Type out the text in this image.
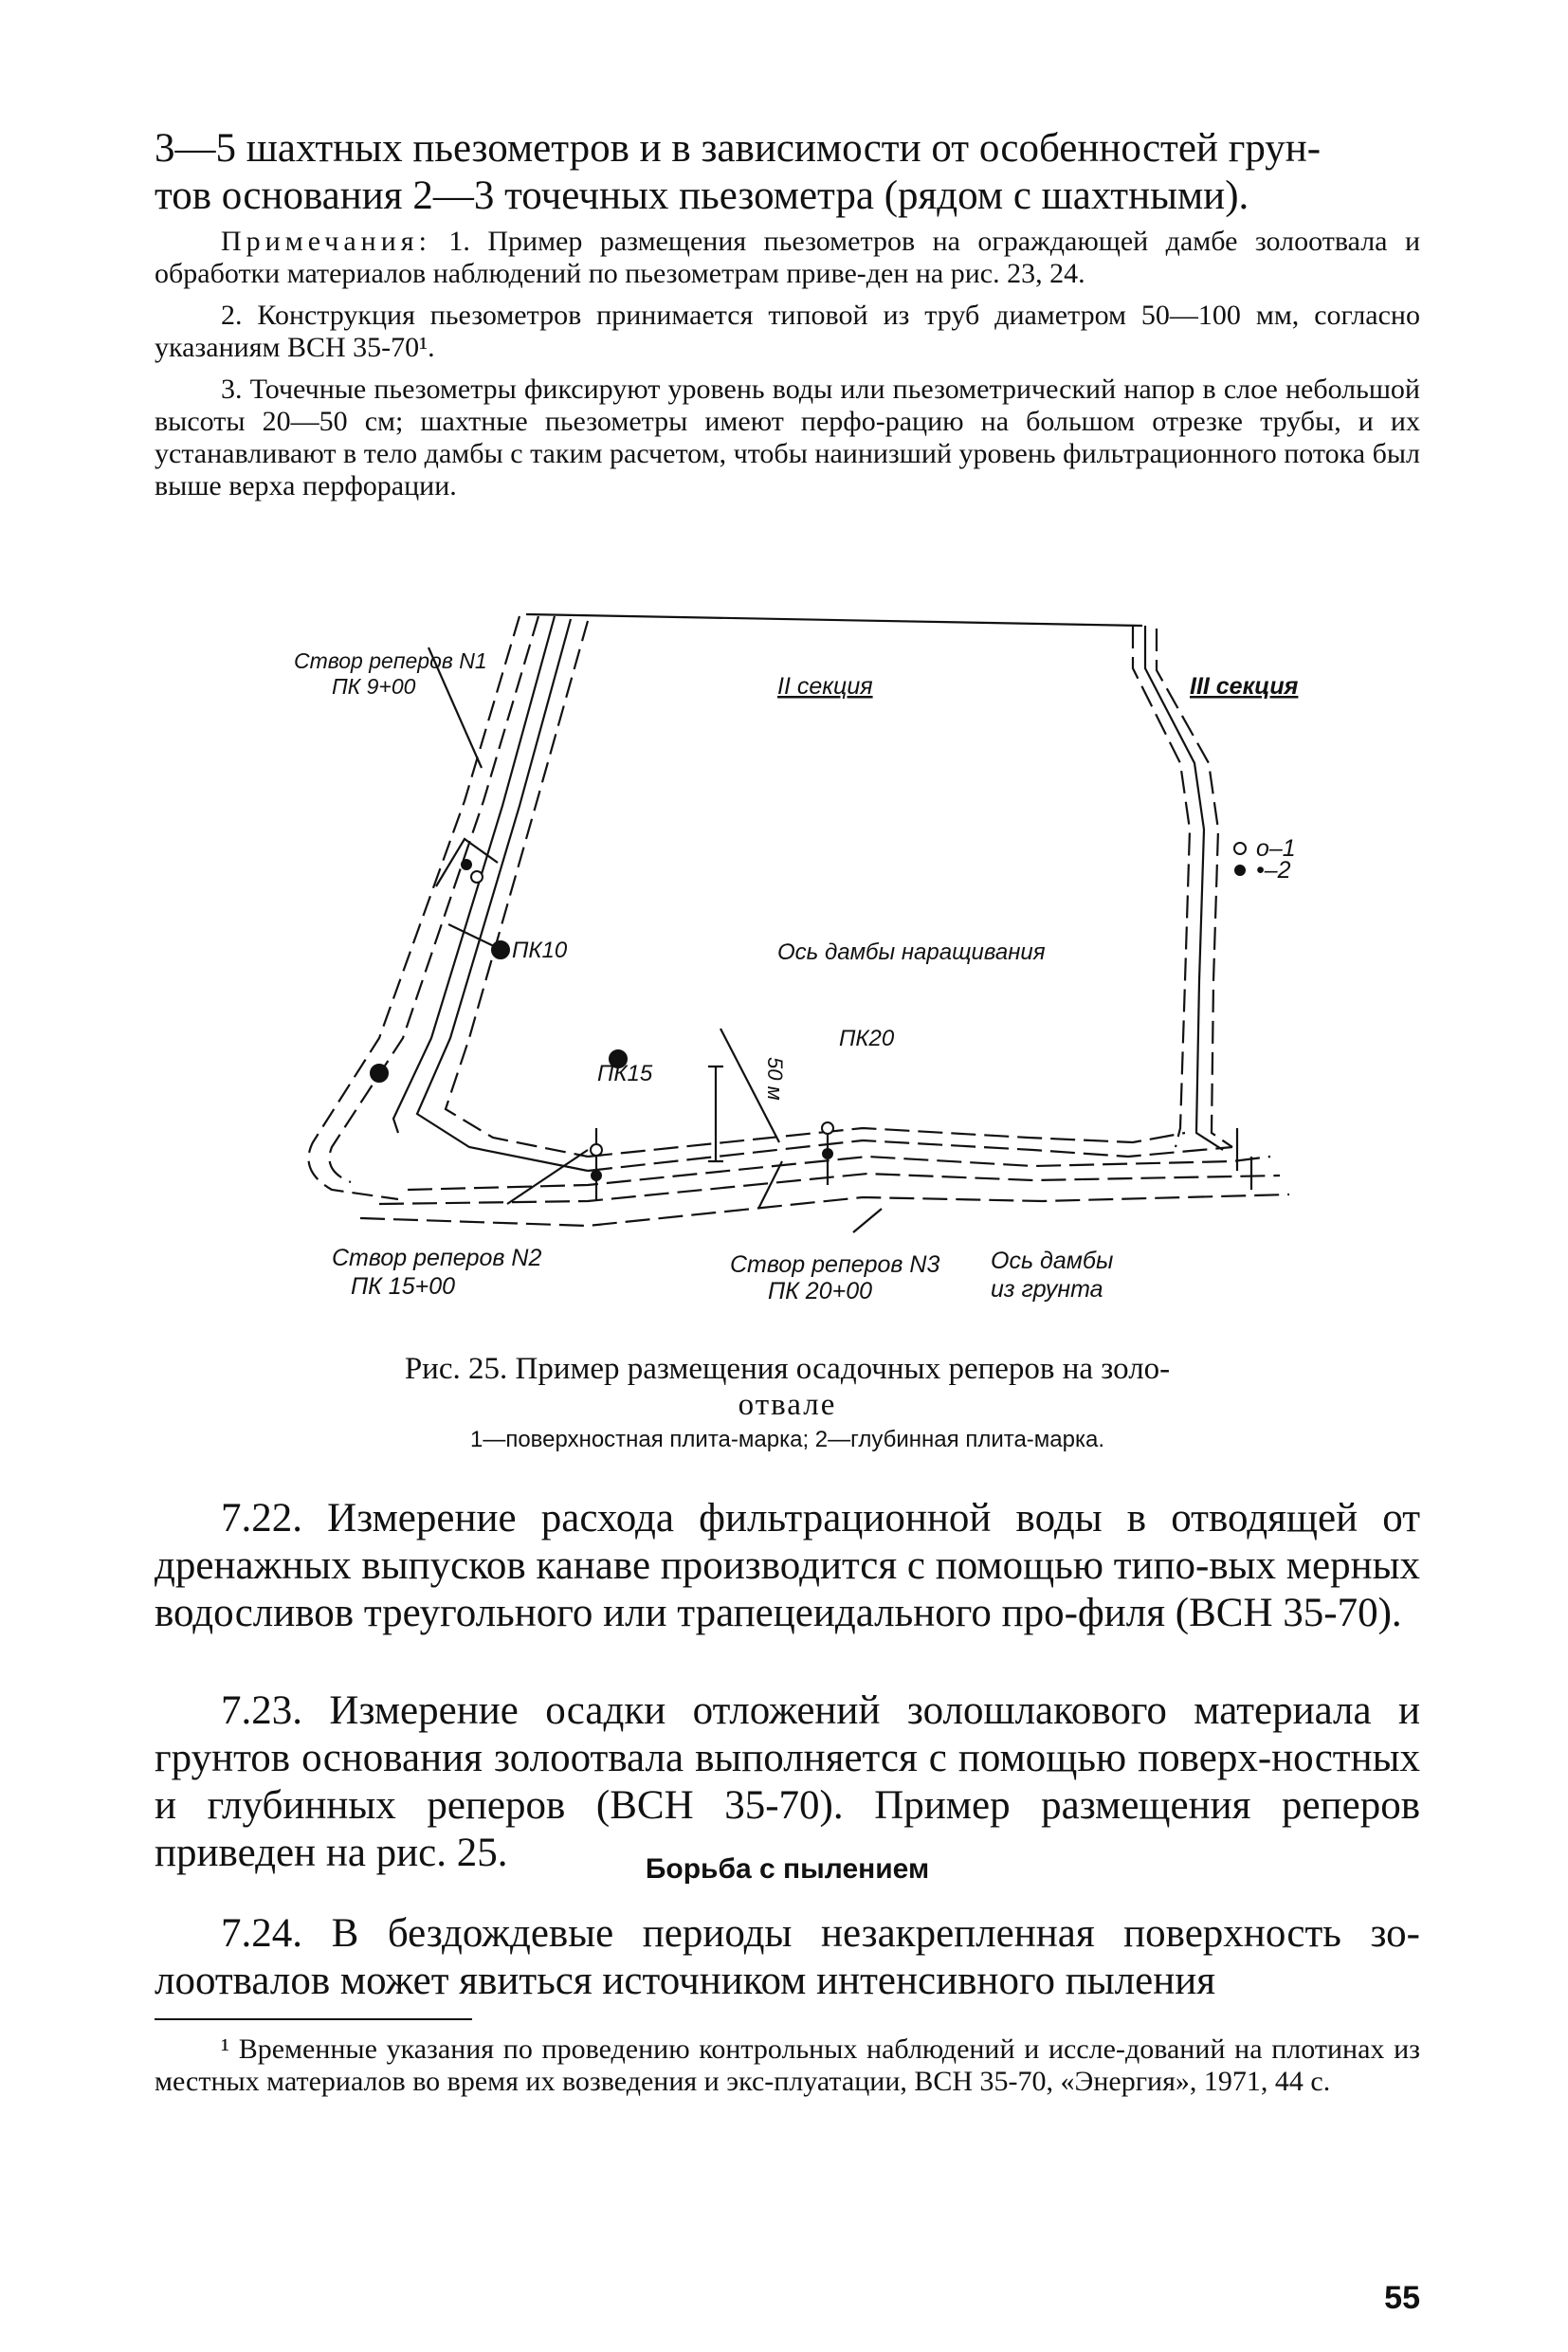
3—5 шахтных пьезометров и в зависимости от особенностей грун-

тов основания 2—3 точечных пьезометра (рядом с шахтными).

Примечания: 1. Пример размещения пьезометров на ограждающей дамбе золоотвала и обработки материалов наблюдений по пьезометрам приве-ден на рис. 23, 24.

2. Конструкция пьезометров принимается типовой из труб диаметром 50—100 мм, согласно указаниям ВСН 35-70¹.

3. Точечные пьезометры фиксируют уровень воды или пьезометрический напор в слое небольшой высоты 20—50 см; шахтные пьезометры имеют перфо-рацию на большом отрезке трубы, и их устанавливают в тело дамбы с таким расчетом, чтобы наинизший уровень фильтрационного потока был выше верха перфорации.

Створ реперов N1
ПК 9+00	II секция	III секция
o–1
•–2
ПК10	Ось дамбы наращивания
ПК15	50 м
ПК20
Створ реперов N2
ПК 15+00
Створ реперов N3
ПК 20+00
Ось дамбы
из грунта
Рис. 25. Пример размещения осадочных реперов на золо-
отвале
1—поверхностная плита-марка; 2—глубинная плита-марка.

7.22. Измерение расхода фильтрационной воды в отводящей от дренажных выпусков канаве производится с помощью типо-вых мерных водосливов треугольного или трапецеидального про-филя (ВСН 35-70).

7.23. Измерение осадки отложений золошлакового материала и грунтов основания золоотвала выполняется с помощью поверх-ностных и глубинных реперов (ВСН 35-70). Пример размещения реперов приведен на рис. 25.	Борьба с пылением

7.24. В бездождевые периоды незакрепленная поверхность зо-лоотвалов может явиться источником интенсивного пыления

¹ Временные указания по проведению контрольных наблюдений и иссле-дований на плотинах из местных материалов во время их возведения и экс-плуатации, ВСН 35-70, «Энергия», 1971, 44 с.

55
